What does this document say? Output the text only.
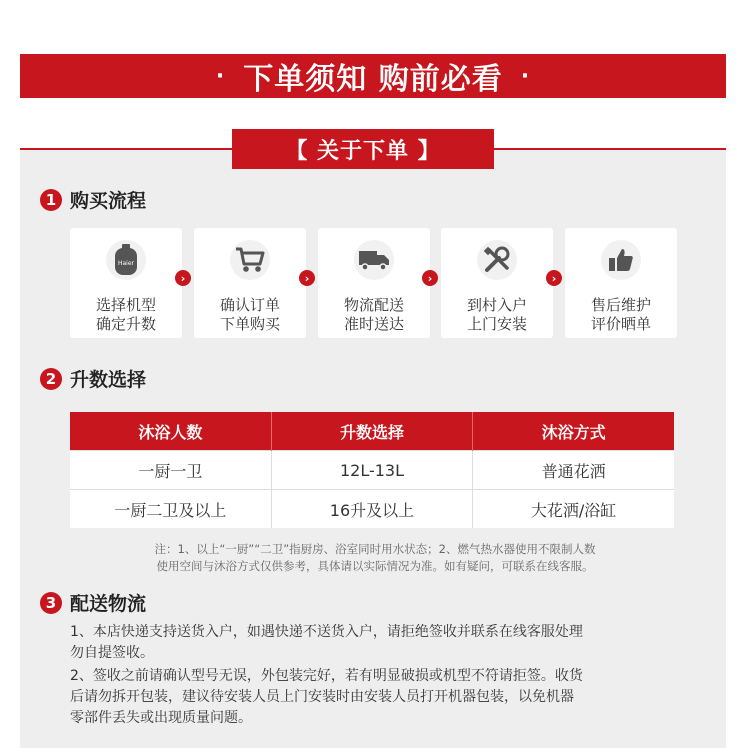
· 下单须知 购前必看 ·
【 关于下单 】
1 购买流程
Haier
选择机型
确定升数
›
确认订单
下单购买
›
物流配送
准时送达
›
到村入户
上门安装
›
售后维护
评价晒单
2 升数选择
沐浴人数	升数选择	沐浴方式
一厨一卫	12L-13L	普通花洒
一厨二卫及以上	16升及以上	大花洒/浴缸
注：1、以上“一厨”“二卫”指厨房、浴室同时用水状态；2、燃气热水器使用不限制人数
使用空间与沐浴方式仅供参考，具体请以实际情况为准。如有疑问，可联系在线客服。
3 配送物流
1、本店快递支持送货入户，如遇快递不送货入户，请拒绝签收并联系在线客服处理
勿自提签收。
2、签收之前请确认型号无误，外包装完好，若有明显破损或机型不符请拒签。收货
后请勿拆开包装，建议待安装人员上门安装时由安装人员打开机器包装，以免机器
零部件丢失或出现质量问题。
